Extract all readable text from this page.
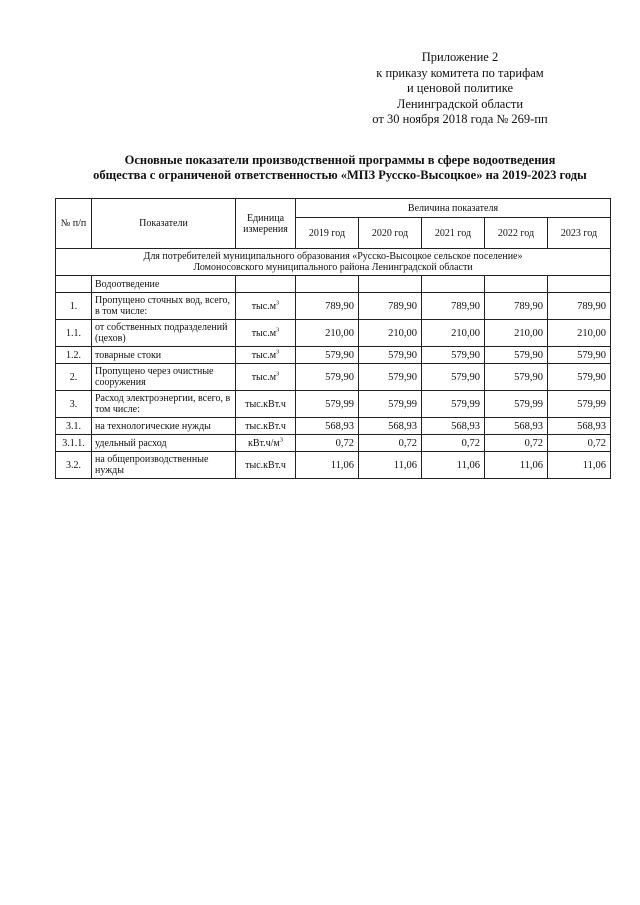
Приложение 2
к приказу комитета по тарифам
и ценовой политике
Ленинградской области
от 30 ноября 2018 года № 269-пп
Основные показатели производственной программы в сфере водоотведения
общества с ограниченой ответственностью «МПЗ Русско-Высоцкое» на 2019-2023 годы
№ п/п	Показатели	Единица измерения	Величина показателя				
			2019 год	2020 год	2021 год	2022 год	2023 год

Для потребителей муниципального образования «Русско-Высоцкое сельское поселение»
Ломоносовского муниципального района Ленинградской области							

	Водоотведение						
1.	Пропущено сточных вод, всего, в том числе:	$тыс.м^3$	789,90	789,90	789,90	789,90	789,90
1.1.	от собственных подразделений (цехов)	$тыс.м^3$	210,00	210,00	210,00	210,00	210,00
1.2.	товарные стоки	$тыс.м^3$	579,90	579,90	579,90	579,90	579,90
2.	Пропущено через очистные сооружения	$тыс.м^3$	579,90	579,90	579,90	579,90	579,90
3.	Расход электроэнергии, всего, в том числе:	тыс.кВт.ч	579,99	579,99	579,99	579,99	579,99
3.1.	на технологические нужды	тыс.кВт.ч	568,93	568,93	568,93	568,93	568,93
3.1.1.	удельный расход	$кВт.ч/м^3$	0,72	0,72	0,72	0,72	0,72
3.2.	на общепроизводственные нужды	тыс.кВт.ч	11,06	11,06	11,06	11,06	11,06
